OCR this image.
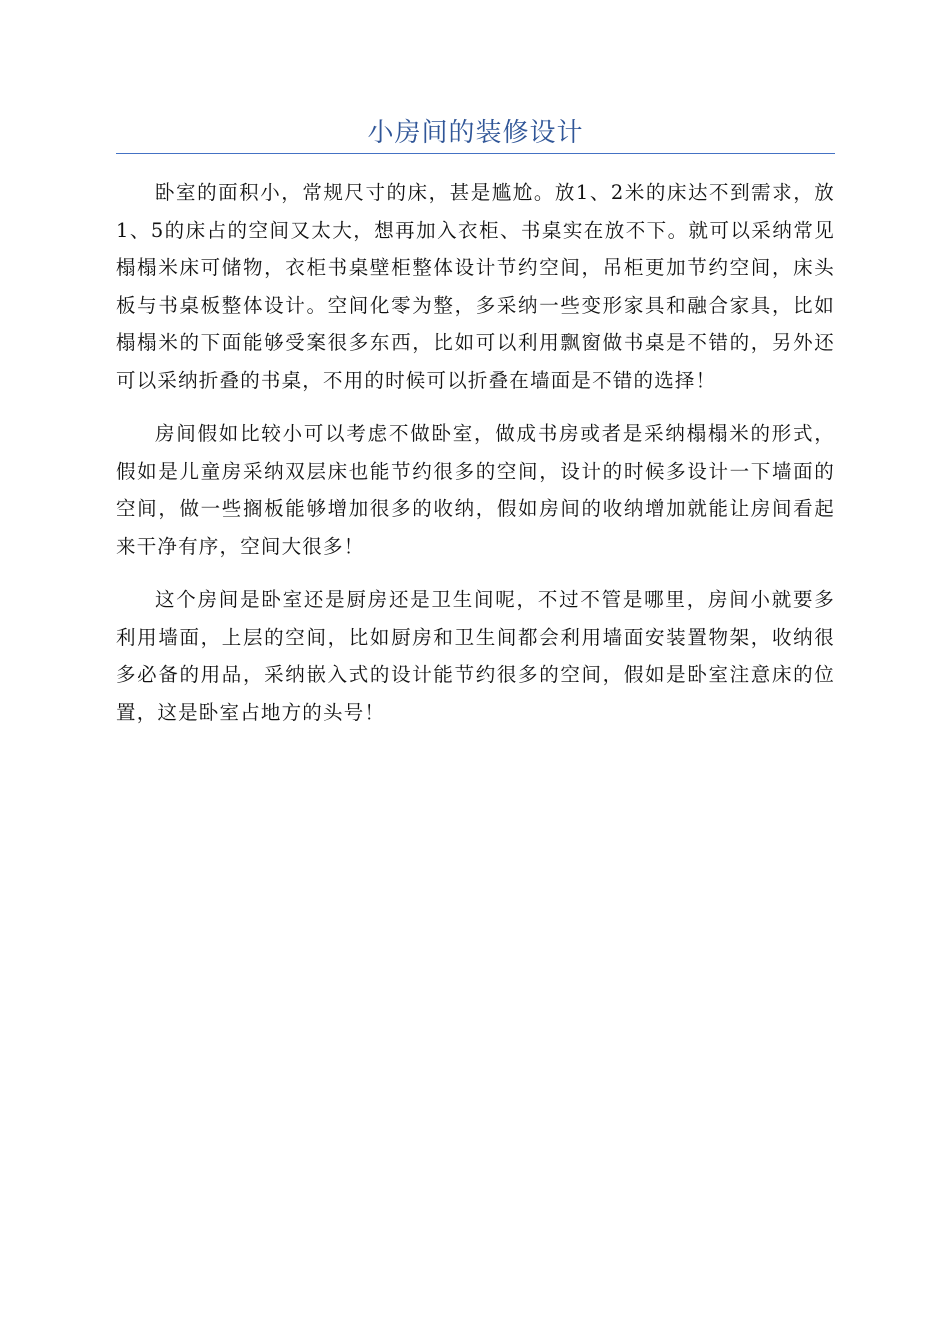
小房间的装修设计

卧室的面积小，常规尺寸的床，甚是尴尬。放1、2米的床达不到需求，放1、5的床占的空间又太大，想再加入衣柜、书桌实在放不下。就可以采纳常见榻榻米床可储物，衣柜书桌壁柜整体设计节约空间，吊柜更加节约空间，床头板与书桌板整体设计。空间化零为整，多采纳一些变形家具和融合家具，比如榻榻米的下面能够受案很多东西，比如可以利用飘窗做书桌是不错的，另外还可以采纳折叠的书桌，不用的时候可以折叠在墙面是不错的选择！

房间假如比较小可以考虑不做卧室，做成书房或者是采纳榻榻米的形式，假如是儿童房采纳双层床也能节约很多的空间，设计的时候多设计一下墙面的空间，做一些搁板能够增加很多的收纳，假如房间的收纳增加就能让房间看起来干净有序，空间大很多！

这个房间是卧室还是厨房还是卫生间呢，不过不管是哪里，房间小就要多利用墙面，上层的空间，比如厨房和卫生间都会利用墙面安装置物架，收纳很多必备的用品，采纳嵌入式的设计能节约很多的空间，假如是卧室注意床的位置，这是卧室占地方的头号！
